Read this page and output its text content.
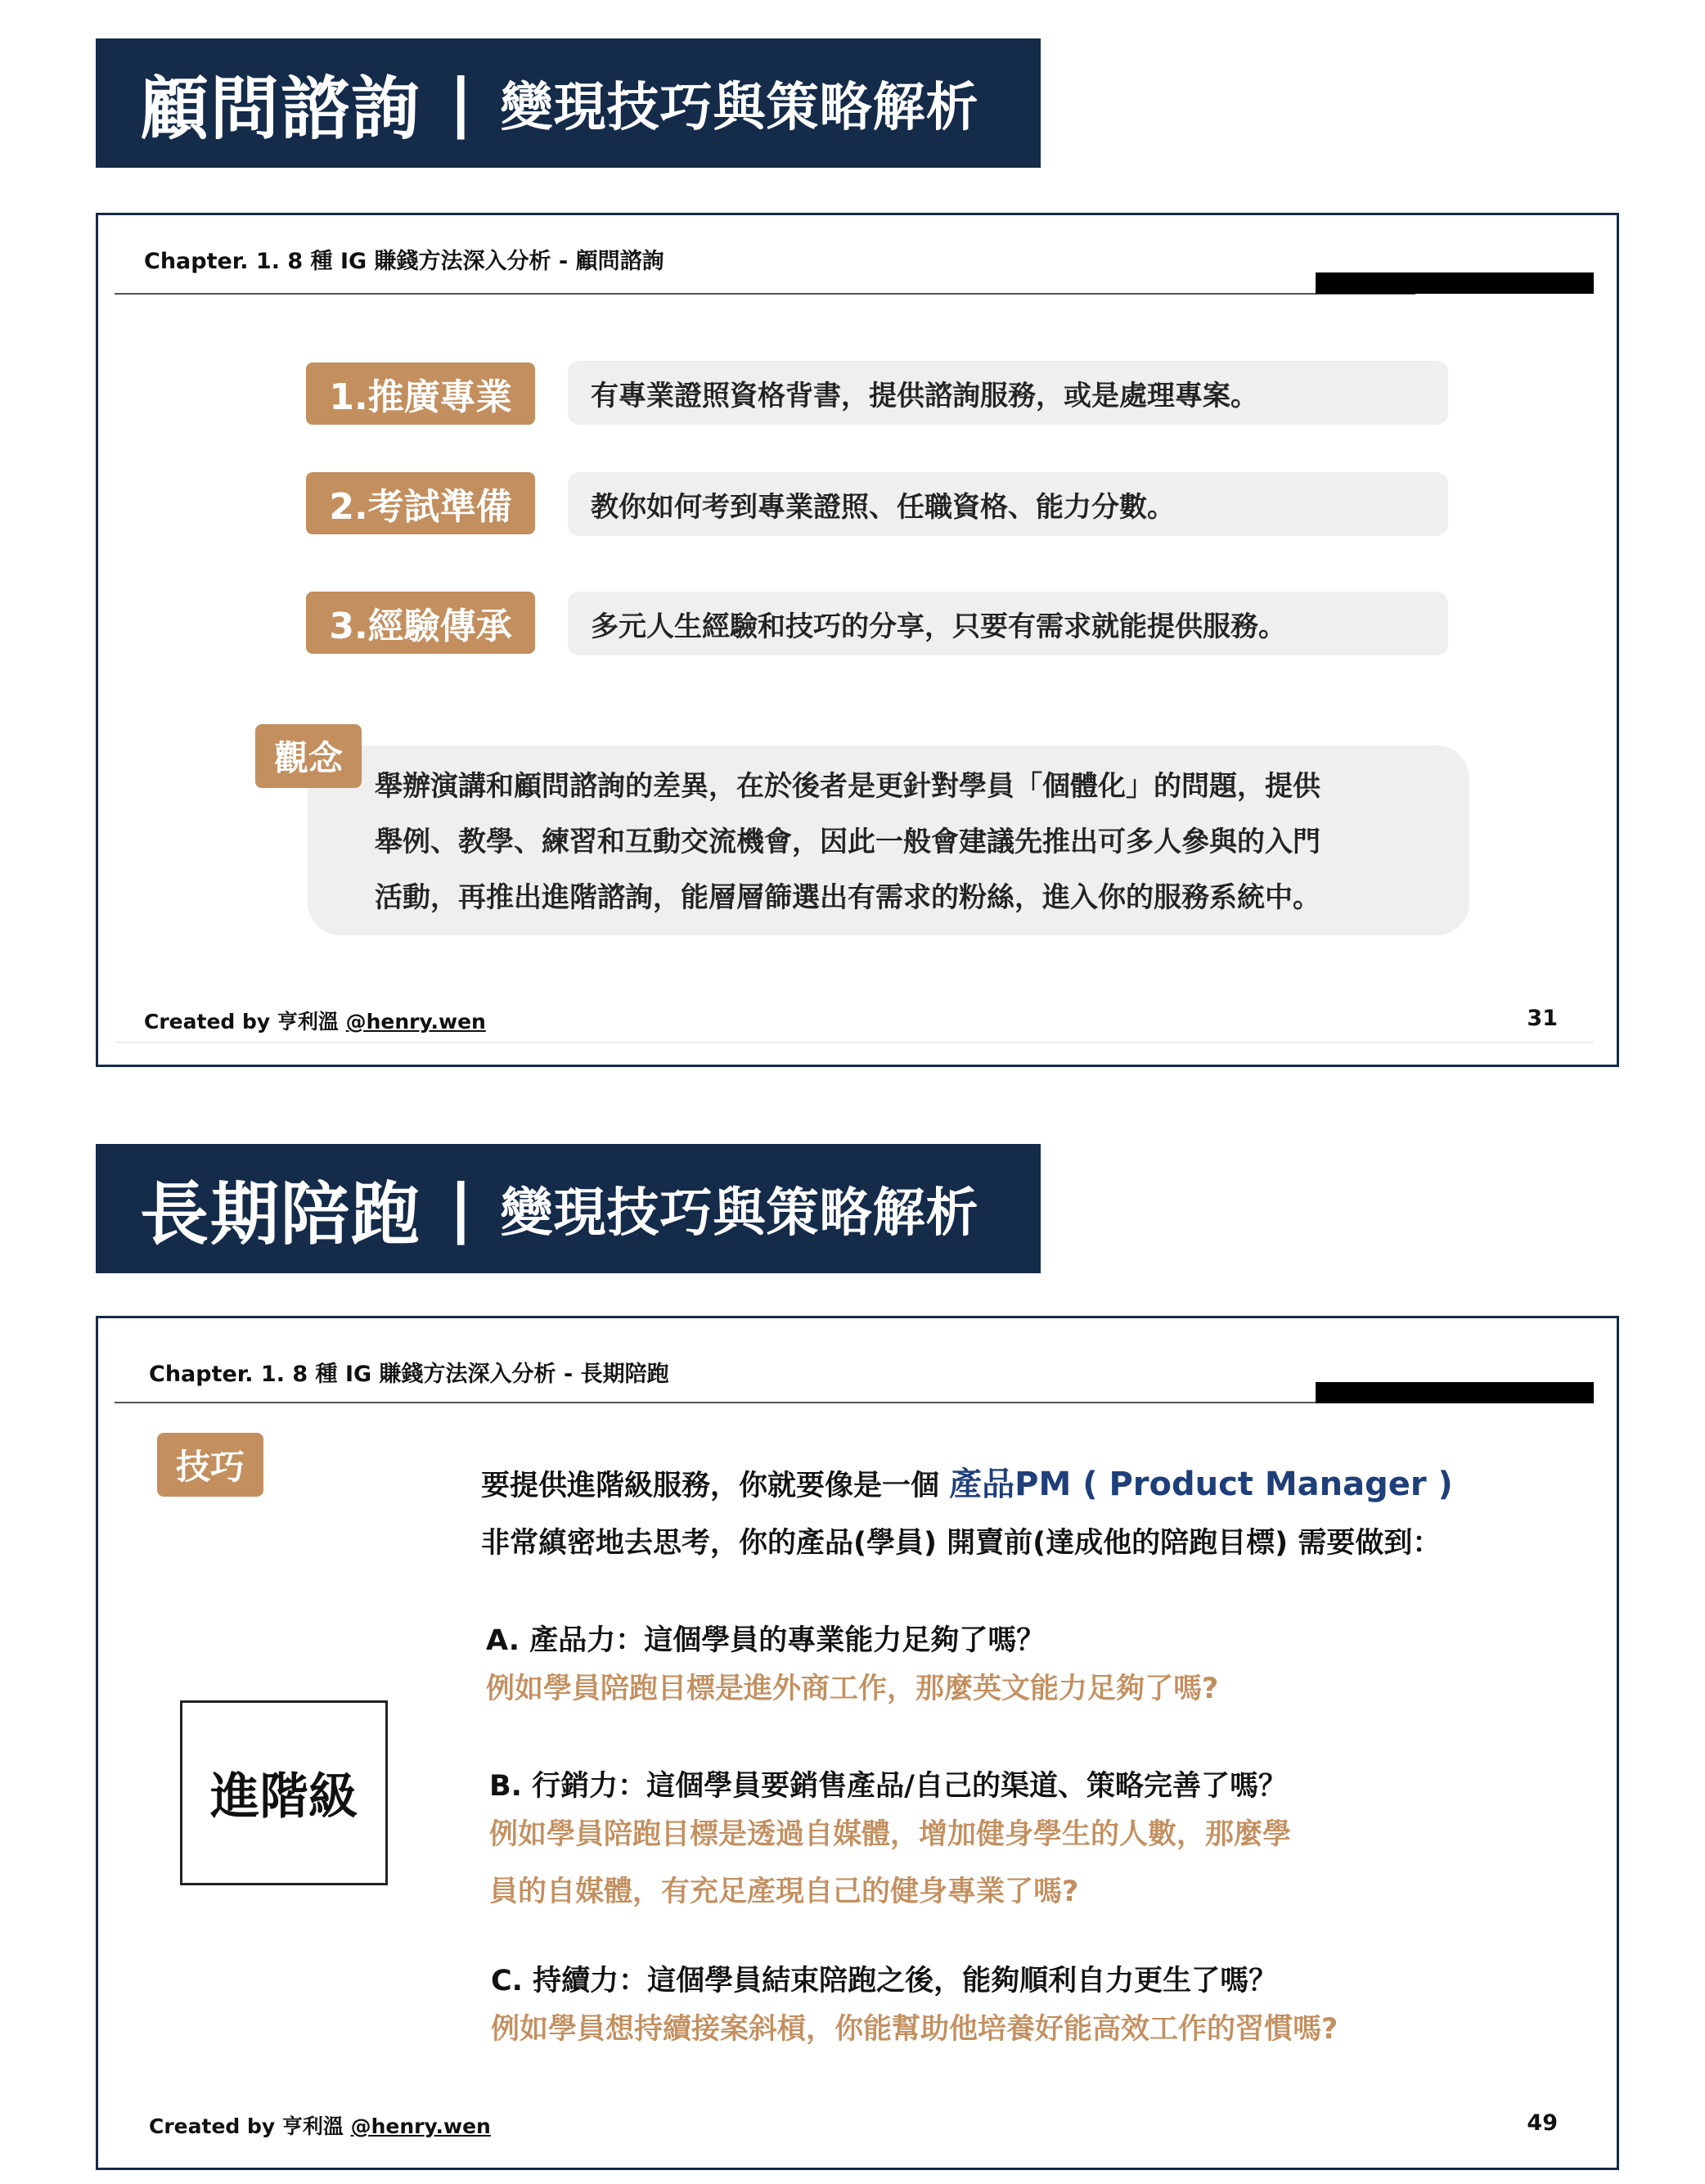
顧問諮詢 | 變現技巧與策略解析
Chapter. 1. 8 種 IG 賺錢方法深入分析 - 顧問諮詢
1.推廣專業	有專業證照資格背書，提供諮詢服務，或是處理專案。
2.考試準備	教你如何考到專業證照、任職資格、能力分數。
3.經驗傳承	多元人生經驗和技巧的分享，只要有需求就能提供服務。
舉辦演講和顧問諮詢的差異，在於後者是更針對學員「個體化」的問題，提供
舉例、教學、練習和互動交流機會，因此一般會建議先推出可多人參與的入門
活動，再推出進階諮詢，能層層篩選出有需求的粉絲，進入你的服務系統中。
觀念
Created by 亨利溫 @henry.wen	31
長期陪跑 | 變現技巧與策略解析
Chapter. 1. 8 種 IG 賺錢方法深入分析 - 長期陪跑
技巧	要提供進階級服務，你就要像是一個 產品PM ( Product Manager )
非常縝密地去思考，你的產品(學員) 開賣前(達成他的陪跑目標) 需要做到：
進階級
A. 產品力：這個學員的專業能力足夠了嗎？
例如學員陪跑目標是進外商工作，那麼英文能力足夠了嗎?
B. 行銷力：這個學員要銷售產品/自己的渠道、策略完善了嗎？
例如學員陪跑目標是透過自媒體，增加健身學生的人數，那麼學
員的自媒體，有充足產現自己的健身專業了嗎?
C. 持續力：這個學員結束陪跑之後，能夠順利自力更生了嗎？
例如學員想持續接案斜槓，你能幫助他培養好能高效工作的習慣嗎?
Created by 亨利溫 @henry.wen	49
